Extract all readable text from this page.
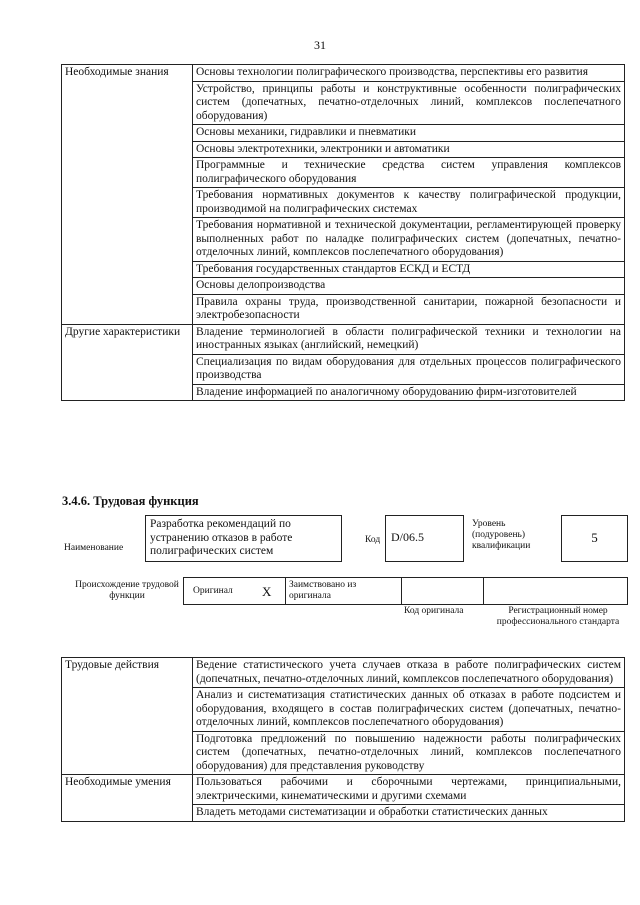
31
Необходимые знания	Основы технологии полиграфического производства, перспективы его развития
	Устройство, принципы работы и конструктивные особенности полиграфических систем (допечатных, печатно-отделочных линий, комплексов послепечатного оборудования)
	Основы механики, гидравлики и пневматики
	Основы электротехники, электроники и автоматики
	Программные и технические средства систем управления комплексов полиграфического оборудования
	Требования нормативных документов к качеству полиграфической продукции, производимой на полиграфических системах
	Требования нормативной и технической документации, регламентирующей проверку выполненных работ по наладке полиграфических систем (допечатных, печатно-отделочных линий, комплексов послепечатного оборудования)
	Требования государственных стандартов ЕСКД и ЕСТД
	Основы делопроизводства
	Правила охраны труда, производственной санитарии, пожарной безопасности и электробезопасности
Другие характеристики	Владение терминологией в области полиграфической техники и технологии на иностранных языках (английский, немецкий)
	Специализация по видам оборудования для отдельных процессов полиграфического производства
	Владение информацией по аналогичному оборудованию фирм-изготовителей
3.4.6. Трудовая функция
Наименование
Разработка рекомендаций по устранению отказов в работе полиграфических систем
Код D/06.5
Уровень (подуровень) квалификации
5
Происхождение трудовой функции	Оригинал X Заимствовано из оригинала
Код оригинала	Регистрационный номер профессионального стандарта
Трудовые действия	Ведение статистического учета случаев отказа в работе полиграфических систем (допечатных, печатно-отделочных линий, комплексов послепечатного оборудования)
	Анализ и систематизация статистических данных об отказах в работе подсистем и оборудования, входящего в состав полиграфических систем (допечатных, печатно-отделочных линий, комплексов послепечатного оборудования)
	Подготовка предложений по повышению надежности работы полиграфических систем (допечатных, печатно-отделочных линий, комплексов послепечатного оборудования) для представления руководству
Необходимые умения	Пользоваться рабочими и сборочными чертежами, принципиальными, электрическими, кинематическими и другими схемами
	Владеть методами систематизации и обработки статистических данных
